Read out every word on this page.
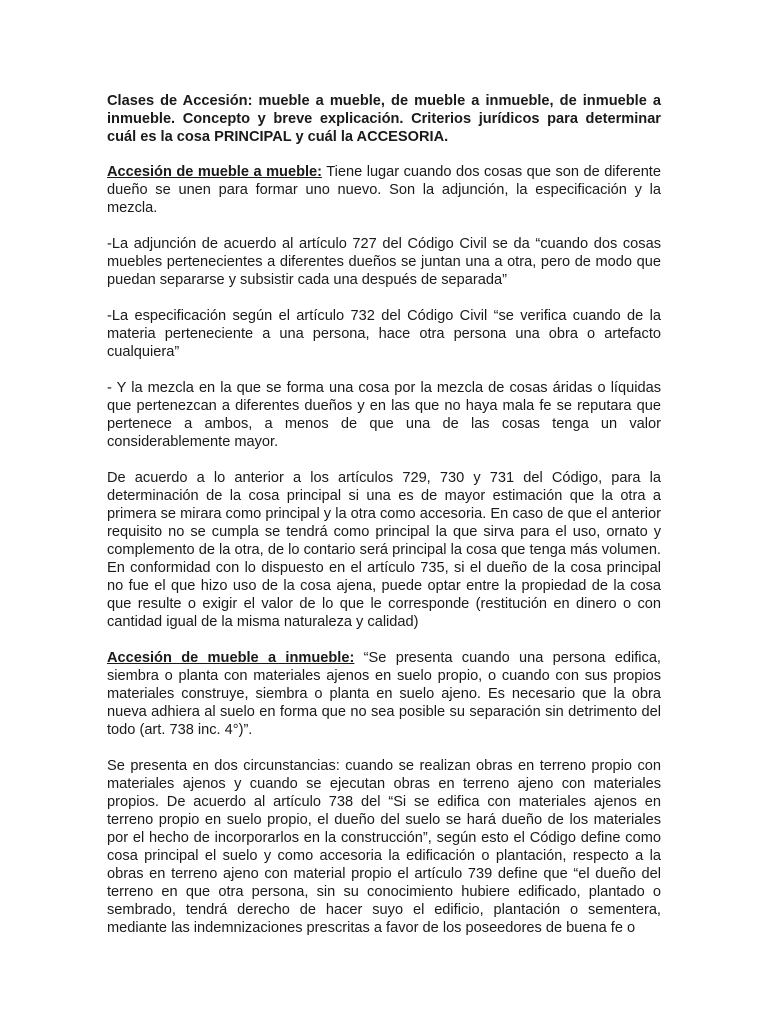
Clases de Accesión: mueble a mueble, de mueble a inmueble, de inmueble a inmueble. Concepto y breve explicación. Criterios jurídicos para determinar cuál es la cosa PRINCIPAL y cuál la ACCESORIA.

Accesión de mueble a mueble: Tiene lugar cuando dos cosas que son de diferente dueño se unen para formar uno nuevo. Son la adjunción, la especificación y la mezcla.

-La adjunción de acuerdo al artículo 727 del Código Civil se da “cuando dos cosas muebles pertenecientes a diferentes dueños se juntan una a otra, pero de modo que puedan separarse y subsistir cada una después de separada”

-La especificación según el artículo 732 del Código Civil “se verifica cuando de la materia perteneciente a una persona, hace otra persona una obra o artefacto cualquiera”

- Y la mezcla en la que se forma una cosa por la mezcla de cosas áridas o líquidas que pertenezcan a diferentes dueños y en las que no haya mala fe se reputara que pertenece a ambos, a menos de que una de las cosas tenga un valor considerablemente mayor.

De acuerdo a lo anterior a los artículos 729, 730 y 731 del Código, para la determinación de la cosa principal si una es de mayor estimación que la otra a primera se mirara como principal y la otra como accesoria. En caso de que el anterior requisito no se cumpla se tendrá como principal la que sirva para el uso, ornato y complemento de la otra, de lo contario será principal la cosa que tenga más volumen. En conformidad con lo dispuesto en el artículo 735, si el dueño de la cosa principal no fue el que hizo uso de la cosa ajena, puede optar entre la propiedad de la cosa que resulte o exigir el valor de lo que le corresponde (restitución en dinero o con cantidad igual de la misma naturaleza y calidad)

Accesión de mueble a inmueble: “Se presenta cuando una persona edifica, siembra o planta con materiales ajenos en suelo propio, o cuando con sus propios materiales construye, siembra o planta en suelo ajeno. Es necesario que la obra nueva adhiera al suelo en forma que no sea posible su separación sin detrimento del todo (art. 738 inc. 4°)”.

Se presenta en dos circunstancias: cuando se realizan obras en terreno propio con materiales ajenos y cuando se ejecutan obras en terreno ajeno con materiales propios. De acuerdo al artículo 738 del “Si se edifica con materiales ajenos en terreno propio en suelo propio, el dueño del suelo se hará dueño de los materiales por el hecho de incorporarlos en la construcción”, según esto el Código define como cosa principal el suelo y como accesoria la edificación o plantación, respecto a la obras en terreno ajeno con material propio el artículo 739 define que “el dueño del terreno en que otra persona, sin su conocimiento hubiere edificado, plantado o sembrado, tendrá derecho de hacer suyo el edificio, plantación o sementera, mediante las indemnizaciones prescritas a favor de los poseedores de buena fe o
